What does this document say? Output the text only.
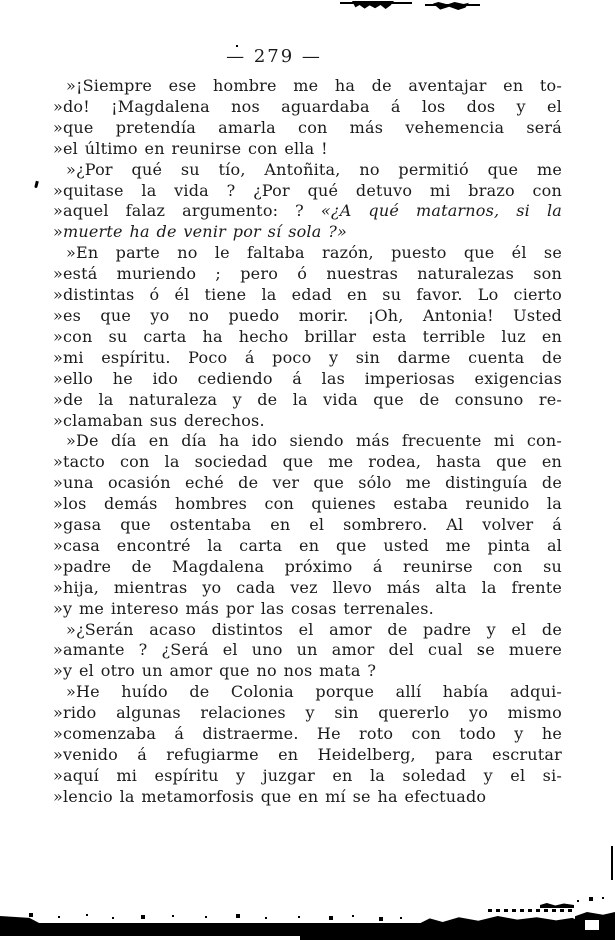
— 279 —
»¡Siempre ese hombre me ha de aventajar en to-
»do! ¡Magdalena nos aguardaba á los dos y el
»que pretendía amarla con más vehemencia será
»el último en reunirse con ella !
»¿Por qué su tío, Antoñita, no permitió que me
»quitase la vida ? ¿Por qué detuvo mi brazo con
»aquel falaz argumento: ? «¿A qué matarnos, si la
»muerte ha de venir por sí sola ?»
»En parte no le faltaba razón, puesto que él se
»está muriendo ; pero ó nuestras naturalezas son
»distintas ó él tiene la edad en su favor. Lo cierto
»es que yo no puedo morir. ¡Oh, Antonia! Usted
»con su carta ha hecho brillar esta terrible luz en
»mi espíritu. Poco á poco y sin darme cuenta de
»ello he ido cediendo á las imperiosas exigencias
»de la naturaleza y de la vida que de consuno re-
»clamaban sus derechos.
»De día en día ha ido siendo más frecuente mi con-
»tacto con la sociedad que me rodea, hasta que en
»una ocasión eché de ver que sólo me distinguía de
»los demás hombres con quienes estaba reunido la
»gasa que ostentaba en el sombrero. Al volver á
»casa encontré la carta en que usted me pinta al
»padre de Magdalena próximo á reunirse con su
»hija, mientras yo cada vez llevo más alta la frente
»y me intereso más por las cosas terrenales.
»¿Serán acaso distintos el amor de padre y el de
»amante ? ¿Será el uno un amor del cual se muere
»y el otro un amor que no nos mata ?
»He huído de Colonia porque allí había adqui-
»rido algunas relaciones y sin quererlo yo mismo
»comenzaba á distraerme. He roto con todo y he
»venido á refugiarme en Heidelberg, para escrutar
»aquí mi espíritu y juzgar en la soledad y el si-
»lencio la metamorfosis que en mí se ha efectuado
